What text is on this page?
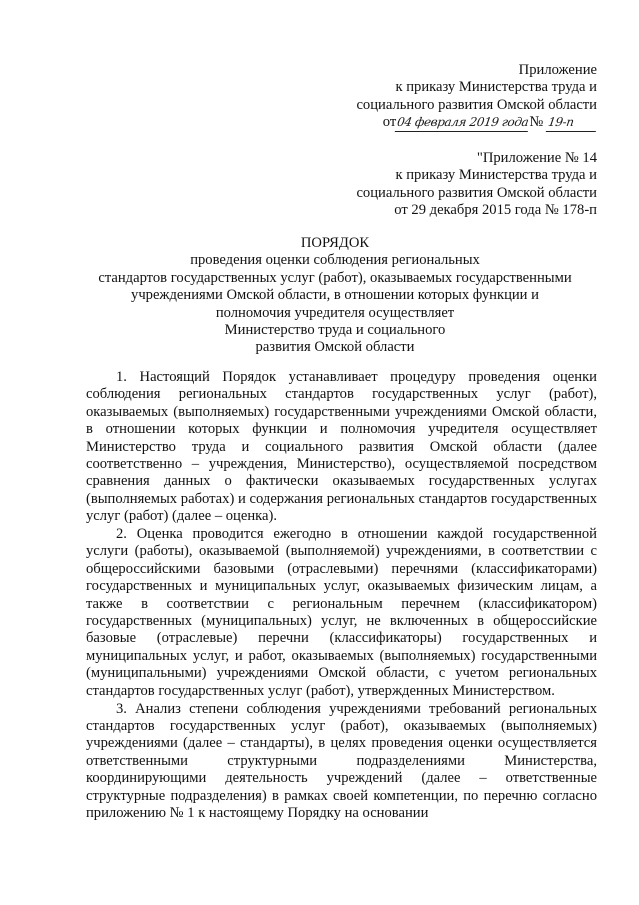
Приложение
к приказу Министерства труда и
социального развития Омской области
от04 февраля 2019 года№ 19-п
"Приложение № 14
к приказу Министерства труда и
социального развития Омской области
от 29 декабря 2015 года № 178-п
ПОРЯДОК
проведения оценки соблюдения региональных
стандартов государственных услуг (работ), оказываемых государственными
учреждениями Омской области, в отношении которых функции и
полномочия учредителя осуществляет
Министерство труда и социального
развития Омской области

1. Настоящий Порядок устанавливает процедуру проведения оценки соблюдения региональных стандартов государственных услуг (работ), оказываемых (выполняемых) государственными учреждениями Омской области, в отношении которых функции и полномочия учредителя осуществляет Министерство труда и социального развития Омской области (далее соответственно – учреждения, Министерство), осуществляемой посредством сравнения данных о фактически оказываемых государственных услугах (выполняемых работах) и содержания региональных стандартов государственных услуг (работ) (далее – оценка).

2. Оценка проводится ежегодно в отношении каждой государственной услуги (работы), оказываемой (выполняемой) учреждениями, в соответствии с общероссийскими базовыми (отраслевыми) перечнями (классификаторами) государственных и муниципальных услуг, оказываемых физическим лицам, а также в соответствии с региональным перечнем (классификатором) государственных (муниципальных) услуг, не включенных в общероссийские базовые (отраслевые) перечни (классификаторы) государственных и муниципальных услуг, и работ, оказываемых (выполняемых) государственными (муниципальными) учреждениями Омской области, с учетом региональных стандартов государственных услуг (работ), утвержденных Министерством.

3. Анализ степени соблюдения учреждениями требований региональных стандартов государственных услуг (работ), оказываемых (выполняемых) учреждениями (далее – стандарты), в целях проведения оценки осуществляется ответственными структурными подразделениями Министерства, координирующими деятельность учреждений (далее – ответственные структурные подразделения) в рамках своей компетенции, по перечню согласно приложению № 1 к настоящему Порядку на основании
